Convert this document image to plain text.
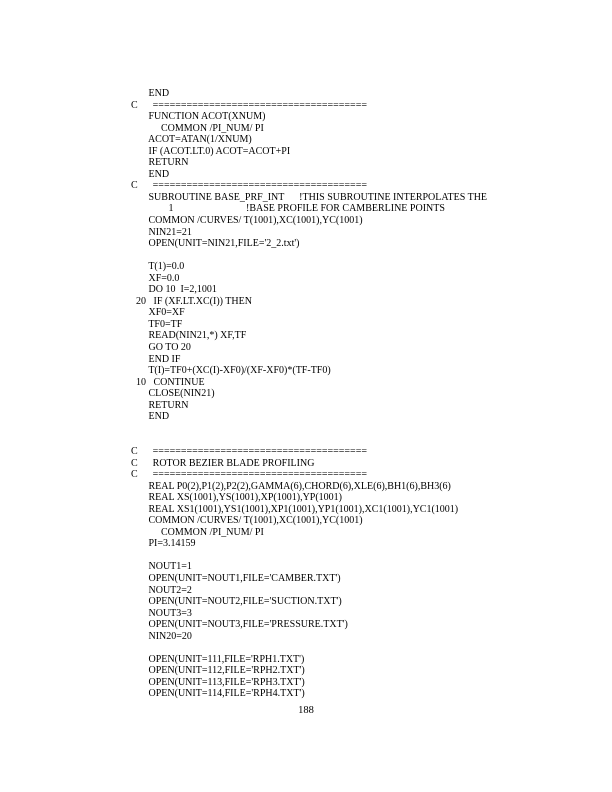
END
C      ======================================
FUNCTION ACOT(XNUM)
COMMON /PI_NUM/ PI
ACOT=ATAN(1/XNUM)
IF (ACOT.LT.0) ACOT=ACOT+PI
RETURN
END
C      ======================================
SUBROUTINE BASE_PRF_INT      !THIS SUBROUTINE INTERPOLATES THE
1                             !BASE PROFILE FOR CAMBERLINE POINTS
COMMON /CURVES/ T(1001),XC(1001),YC(1001)
NIN21=21
OPEN(UNIT=NIN21,FILE='2_2.txt')

T(1)=0.0
XF=0.0
DO 10  I=2,1001
20   IF (XF.LT.XC(I)) THEN
XF0=XF
TF0=TF
READ(NIN21,*) XF,TF
GO TO 20
END IF
T(I)=TF0+(XC(I)-XF0)/(XF-XF0)*(TF-TF0)
10   CONTINUE
CLOSE(NIN21)
RETURN
END

C      ======================================
C      ROTOR BEZIER BLADE PROFILING
C      ======================================
REAL P0(2),P1(2),P2(2),GAMMA(6),CHORD(6),XLE(6),BH1(6),BH3(6)
REAL XS(1001),YS(1001),XP(1001),YP(1001)
REAL XS1(1001),YS1(1001),XP1(1001),YP1(1001),XC1(1001),YC1(1001)
COMMON /CURVES/ T(1001),XC(1001),YC(1001)
COMMON /PI_NUM/ PI
PI=3.14159

NOUT1=1
OPEN(UNIT=NOUT1,FILE='CAMBER.TXT')
NOUT2=2
OPEN(UNIT=NOUT2,FILE='SUCTION.TXT')
NOUT3=3
OPEN(UNIT=NOUT3,FILE='PRESSURE.TXT')
NIN20=20

OPEN(UNIT=111,FILE='RPH1.TXT')
OPEN(UNIT=112,FILE='RPH2.TXT')
OPEN(UNIT=113,FILE='RPH3.TXT')
OPEN(UNIT=114,FILE='RPH4.TXT')
188
